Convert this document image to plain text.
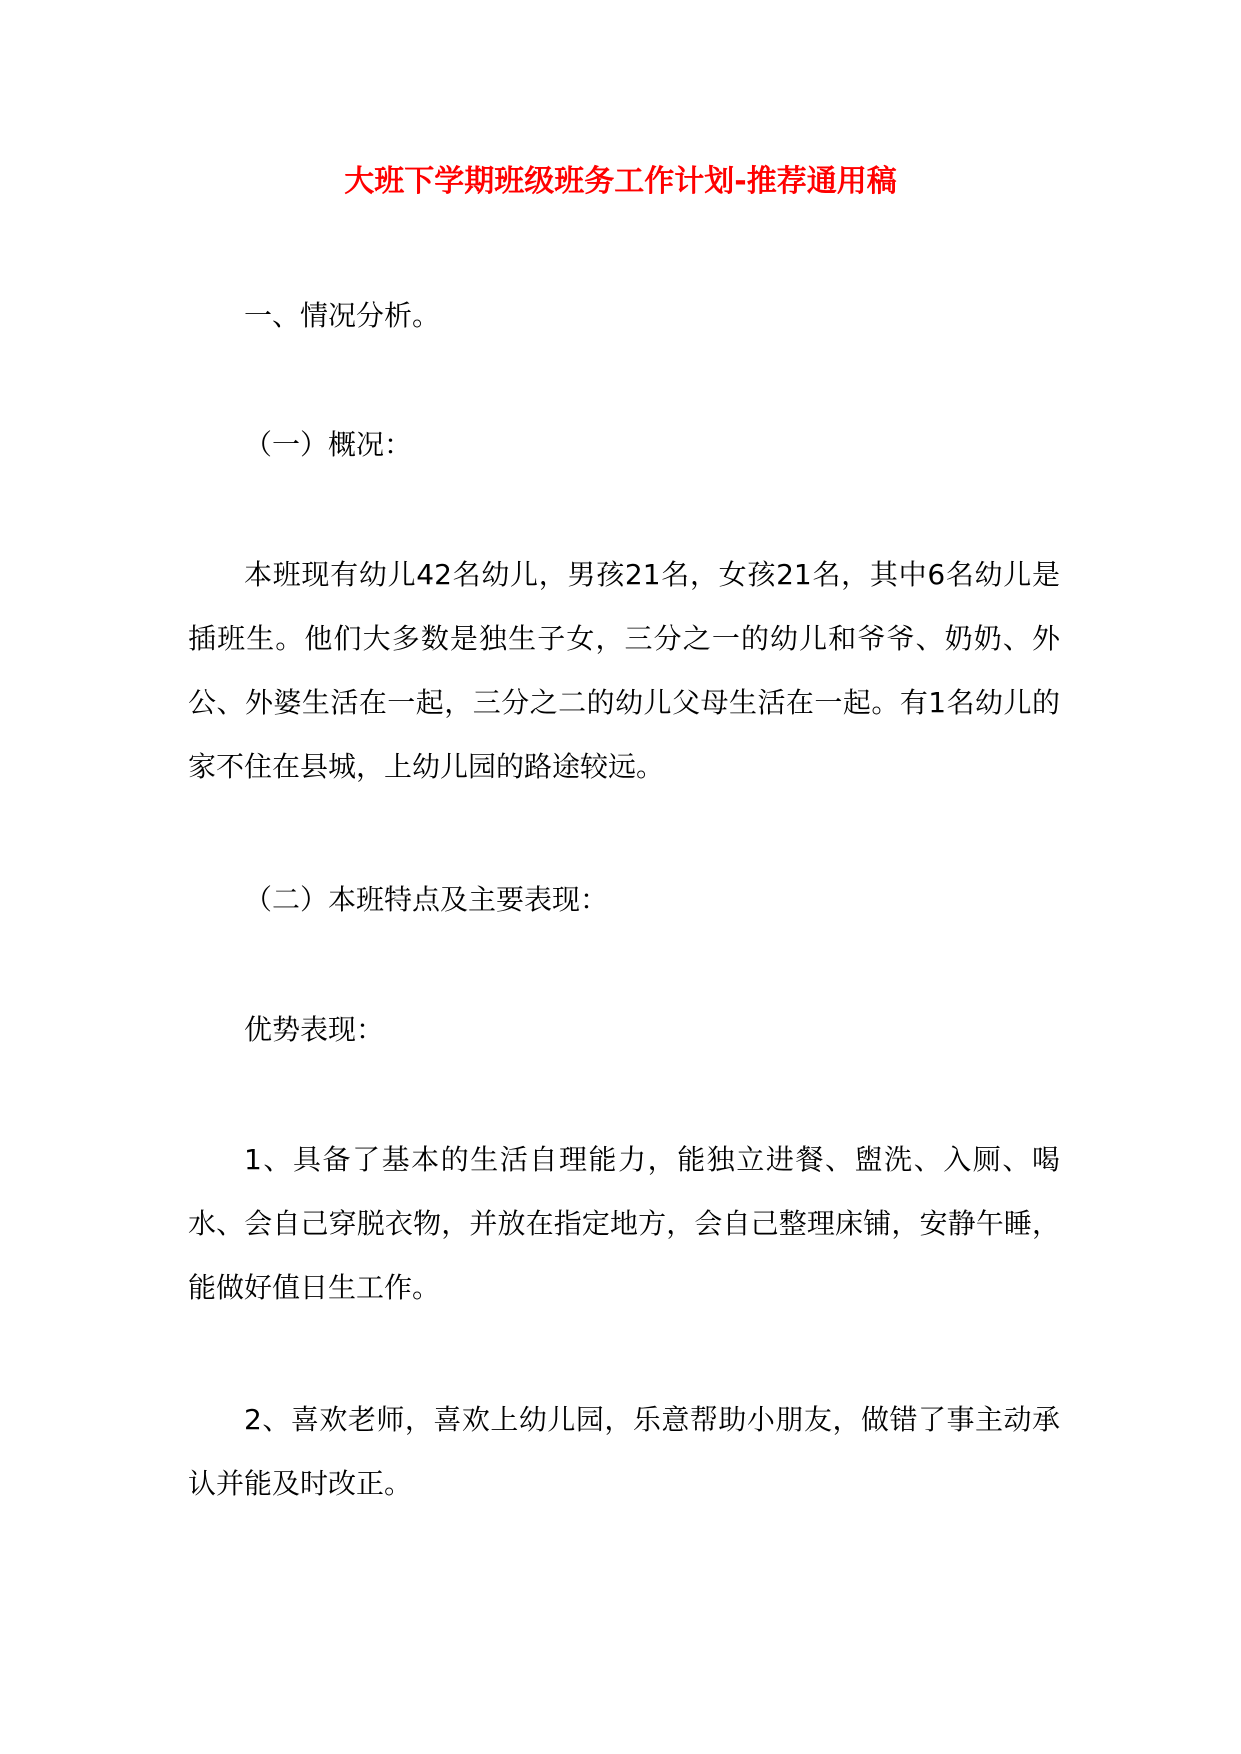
大班下学期班级班务工作计划-推荐通用稿

一、情况分析。

（一）概况：

本班现有幼儿42名幼儿，男孩21名，女孩21名，其中6名幼儿是插班生。他们大多数是独生子女，三分之一的幼儿和爷爷、奶奶、外公、外婆生活在一起，三分之二的幼儿父母生活在一起。有1名幼儿的家不住在县城，上幼儿园的路途较远。

（二）本班特点及主要表现：

优势表现：

1、具备了基本的生活自理能力，能独立进餐、盥洗、入厕、喝水、会自己穿脱衣物，并放在指定地方，会自己整理床铺，安静午睡，能做好值日生工作。

2、喜欢老师，喜欢上幼儿园，乐意帮助小朋友，做错了事主动承认并能及时改正。
